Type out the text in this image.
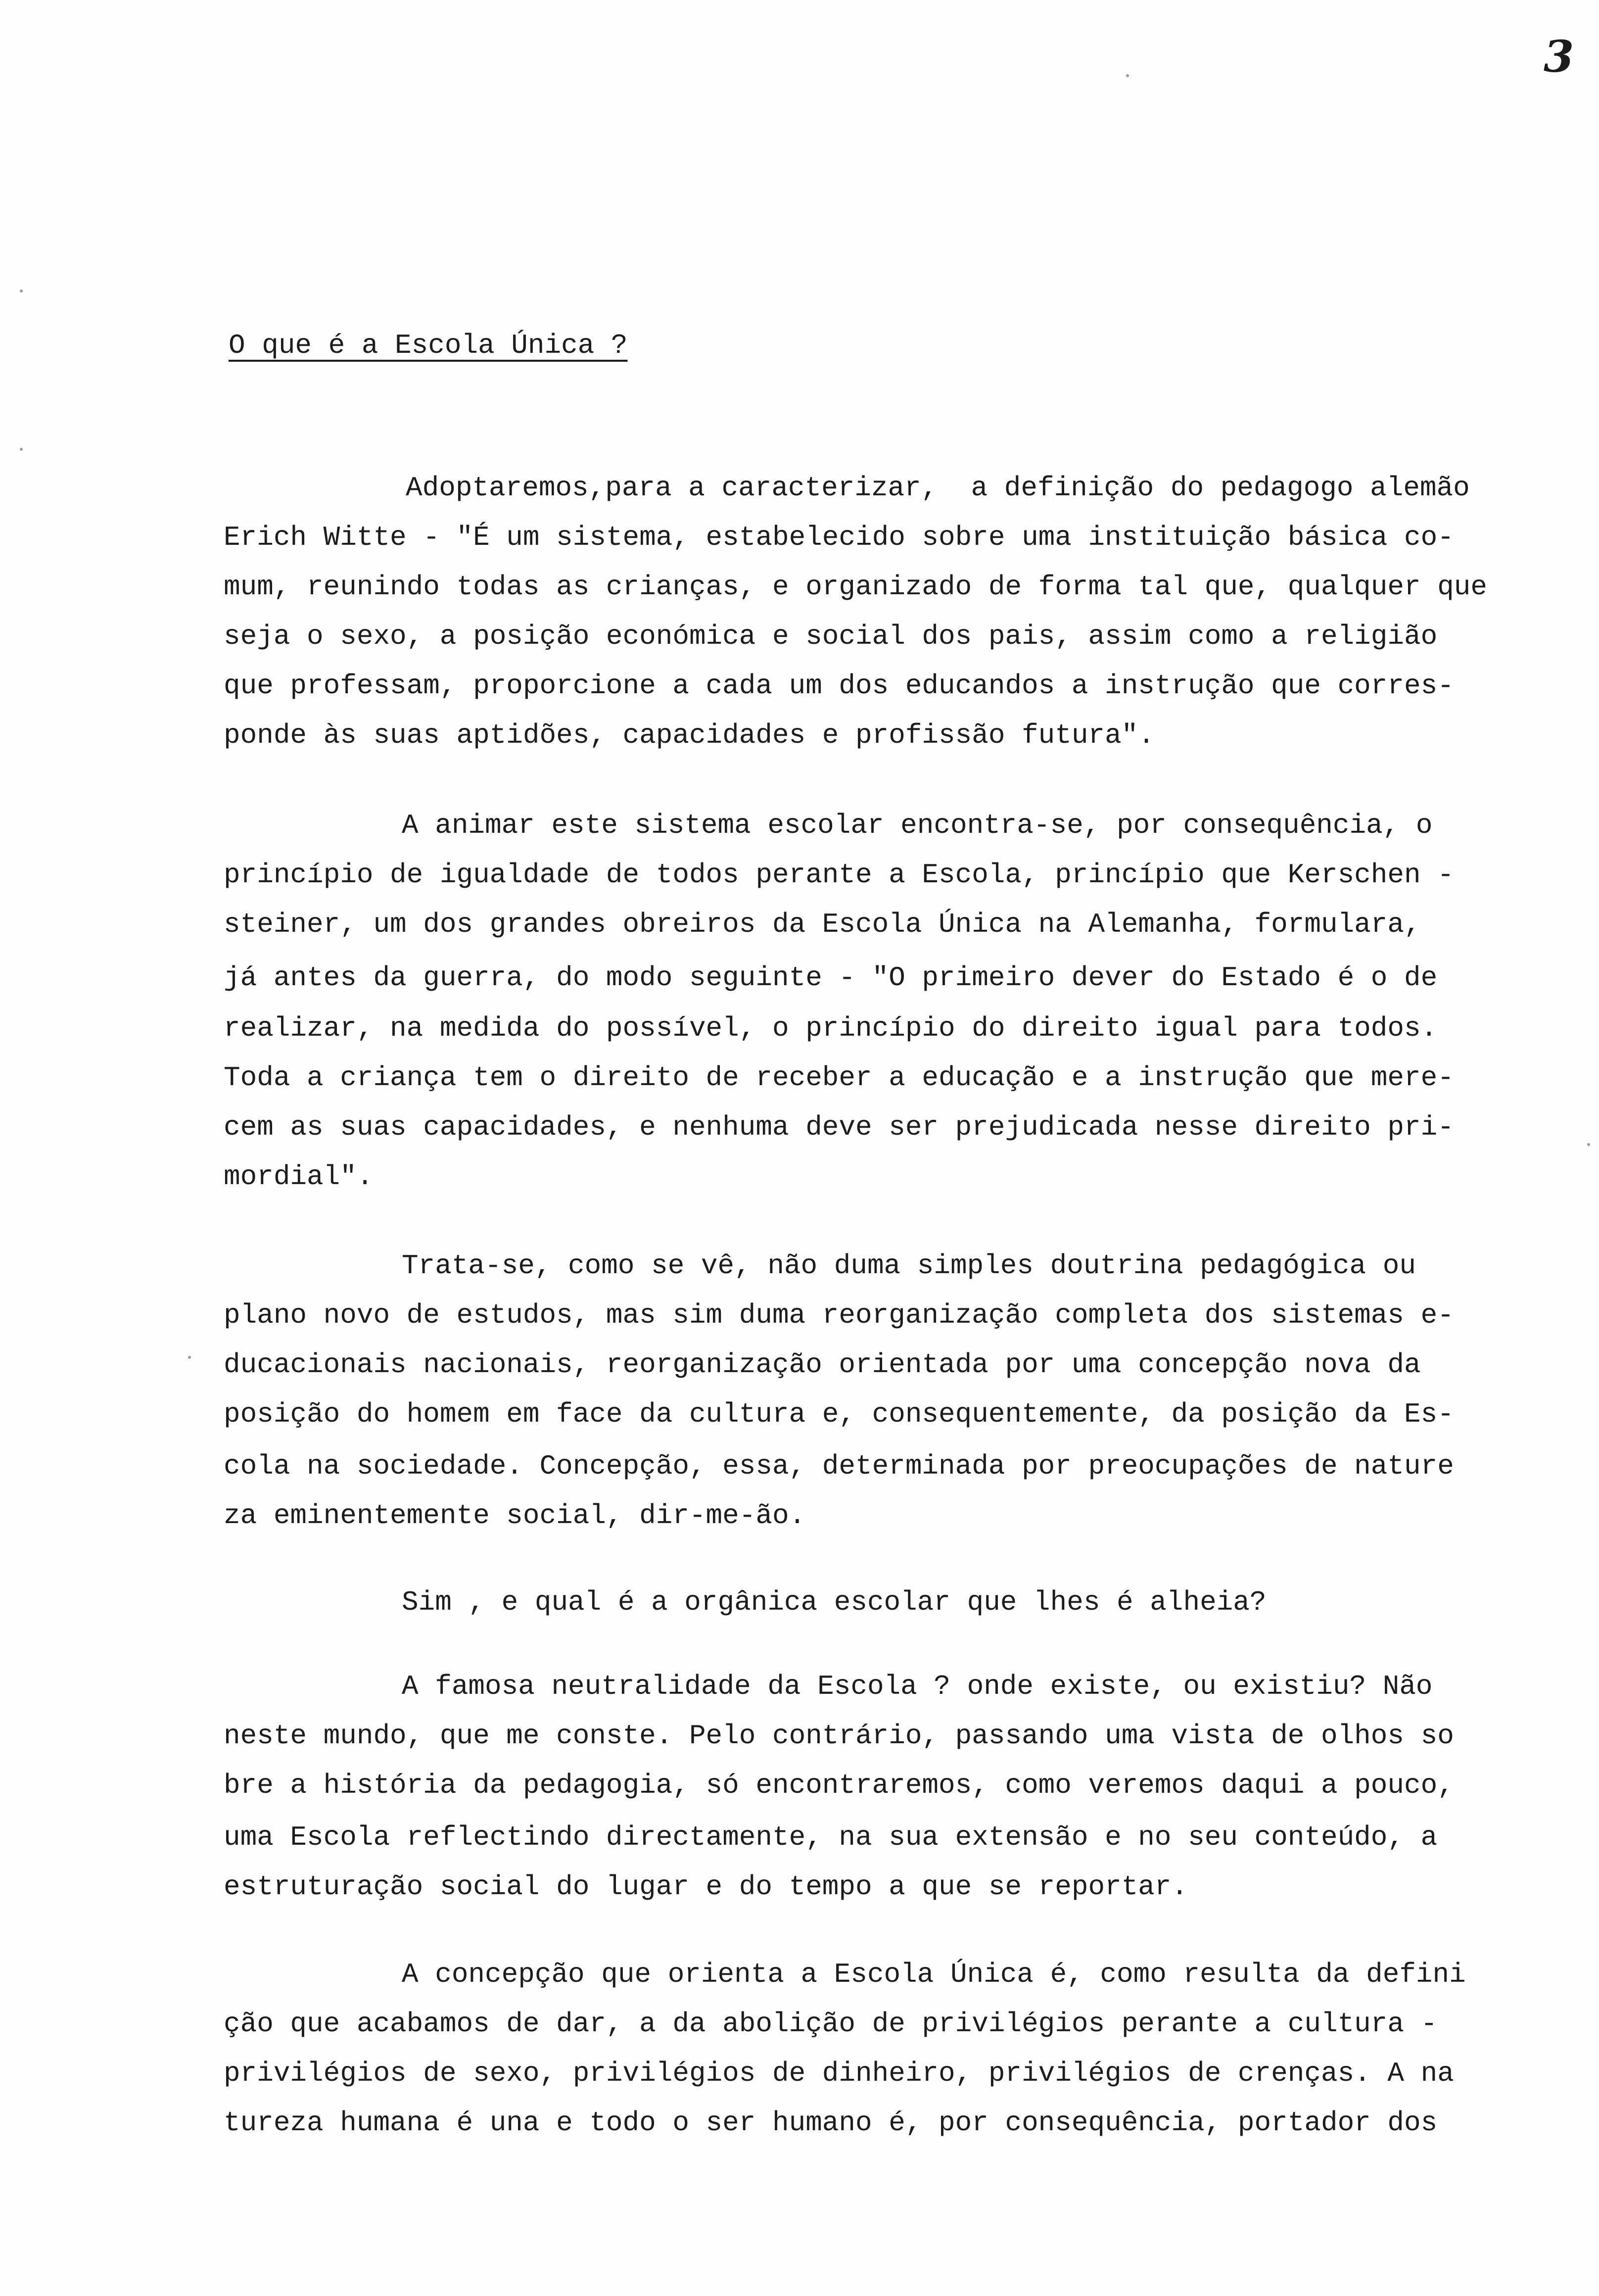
3
O que é a Escola Única ?
Adoptaremos,para a caracterizar,  a definição do pedagogo alemão
Erich Witte - "É um sistema, estabelecido sobre uma instituição básica co-
mum, reunindo todas as crianças, e organizado de forma tal que, qualquer que
seja o sexo, a posição económica e social dos pais, assim como a religião
que professam, proporcione a cada um dos educandos a instrução que corres-
ponde às suas aptidões, capacidades e profissão futura".
A animar este sistema escolar encontra-se, por consequência, o
princípio de igualdade de todos perante a Escola, princípio que Kerschen -
steiner, um dos grandes obreiros da Escola Única na Alemanha, formulara,
já antes da guerra, do modo seguinte - "O primeiro dever do Estado é o de
realizar, na medida do possível, o princípio do direito igual para todos.
Toda a criança tem o direito de receber a educação e a instrução que mere-
cem as suas capacidades, e nenhuma deve ser prejudicada nesse direito pri-
mordial".
Trata-se, como se vê, não duma simples doutrina pedagógica ou
plano novo de estudos, mas sim duma reorganização completa dos sistemas e-
ducacionais nacionais, reorganização orientada por uma concepção nova da
posição do homem em face da cultura e, consequentemente, da posição da Es-
cola na sociedade. Concepção, essa, determinada por preocupações de nature
za eminentemente social, dir-me-ão.
Sim , e qual é a orgânica escolar que lhes é alheia?
A famosa neutralidade da Escola ? onde existe, ou existiu? Não
neste mundo, que me conste. Pelo contrário, passando uma vista de olhos so
bre a história da pedagogia, só encontraremos, como veremos daqui a pouco,
uma Escola reflectindo directamente, na sua extensão e no seu conteúdo, a
estruturação social do lugar e do tempo a que se reportar.
A concepção que orienta a Escola Única é, como resulta da defini
ção que acabamos de dar, a da abolição de privilégios perante a cultura -
privilégios de sexo, privilégios de dinheiro, privilégios de crenças. A na
tureza humana é una e todo o ser humano é, por consequência, portador dos
